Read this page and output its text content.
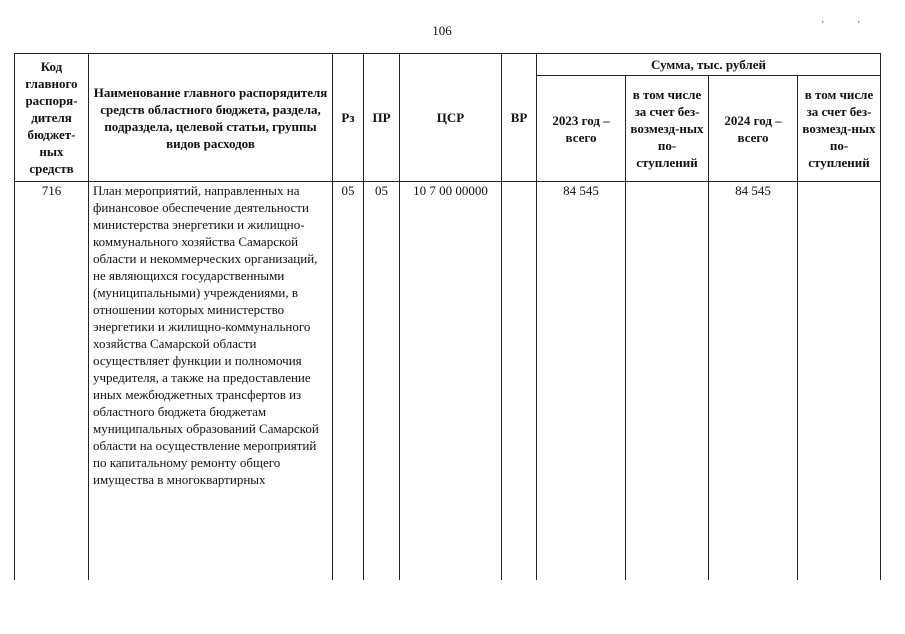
106	'	'
Код главного распоря-дителя бюджет-ных средств	Наименование главного распорядителя средств областного бюджета, раздела, подраздела, целевой статьи, группы видов расходов	Рз	ПР	ЦСР	ВР	Сумма, тыс. рублей			
						2023 год – всего	в том числе за счет без-возмезд-ных по-ступлений	2024 год – всего	в том числе за счет без-возмезд-ных по-ступлений
716	План мероприятий, направленных на финансовое обеспечение деятельности министерства энергетики и жилищно-коммунального хозяйства Самарской области и некоммерческих организаций, не являющихся государственными (муниципальными) учреждениями, в отношении которых министерство энергетики и жилищно-коммунального хозяйства Самарской области осуществляет функции и полномочия учредителя, а также на предоставление иных межбюджетных трансфертов из областного бюджета бюджетам муниципальных образований Самарской области на осуществление мероприятий по капитальному ремонту общего имущества в многоквартирных	05	05	10 7 00 00000		84 545		84 545	
